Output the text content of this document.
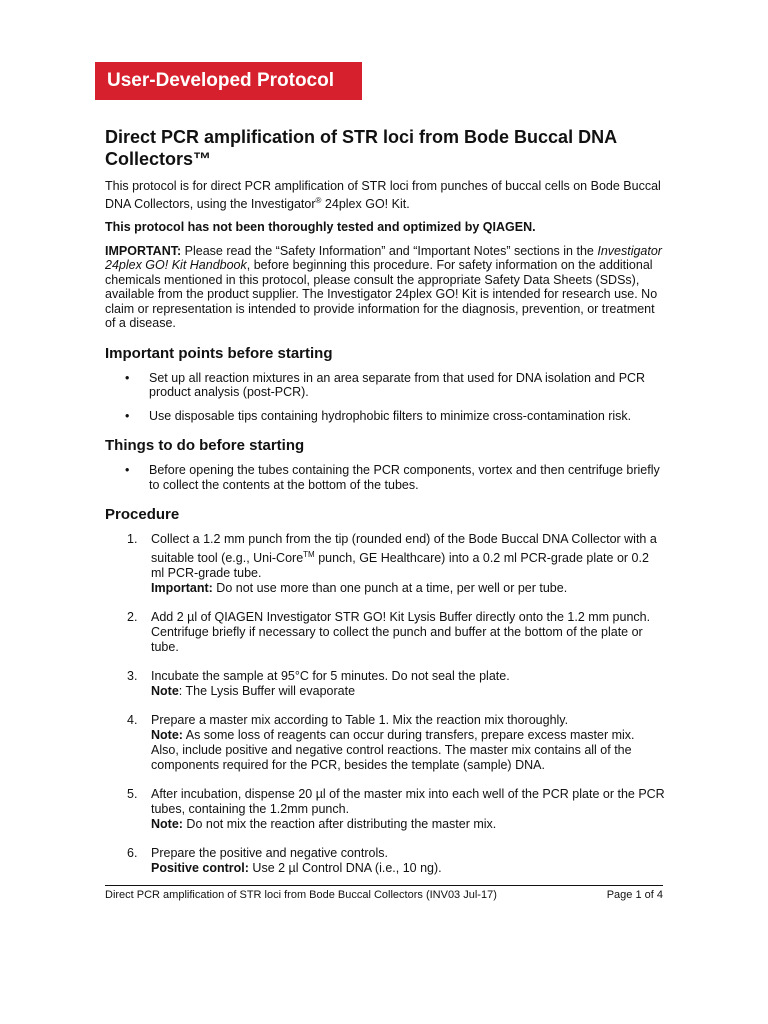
User-Developed Protocol
Direct PCR amplification of STR loci from Bode Buccal DNA Collectors™

This protocol is for direct PCR amplification of STR loci from punches of buccal cells on Bode Buccal DNA Collectors, using the Investigator® 24plex GO! Kit.

This protocol has not been thoroughly tested and optimized by QIAGEN.

IMPORTANT: Please read the “Safety Information” and “Important Notes” sections in the Investigator 24plex GO! Kit Handbook, before beginning this procedure. For safety information on the additional chemicals mentioned in this protocol, please consult the appropriate Safety Data Sheets (SDSs), available from the product supplier. The Investigator 24plex GO! Kit is intended for research use. No claim or representation is intended to provide information for the diagnosis, prevention, or treatment of a disease.

Important points before starting
• Set up all reaction mixtures in an area separate from that used for DNA isolation and PCR product analysis (post-PCR).
• Use disposable tips containing hydrophobic filters to minimize cross-contamination risk.
Things to do before starting
• Before opening the tubes containing the PCR components, vortex and then centrifuge briefly to collect the contents at the bottom of the tubes.
Procedure
1. Collect a 1.2 mm punch from the tip (rounded end) of the Bode Buccal DNA Collector with a suitable tool (e.g., Uni-Core™ punch, GE Healthcare) into a 0.2 ml PCR-grade plate or 0.2 ml PCR-grade tube.
Important: Do not use more than one punch at a time, per well or per tube.
2. Add 2 µl of QIAGEN Investigator STR GO! Kit Lysis Buffer directly onto the 1.2 mm punch. Centrifuge briefly if necessary to collect the punch and buffer at the bottom of the plate or tube.
3. Incubate the sample at 95°C for 5 minutes. Do not seal the plate.
Note: The Lysis Buffer will evaporate
4. Prepare a master mix according to Table 1. Mix the reaction mix thoroughly.
Note: As some loss of reagents can occur during transfers, prepare excess master mix. Also, include positive and negative control reactions. The master mix contains all of the components required for the PCR, besides the template (sample) DNA.
5. After incubation, dispense 20 µl of the master mix into each well of the PCR plate or the PCR tubes, containing the 1.2mm punch.
Note: Do not mix the reaction after distributing the master mix.
6. Prepare the positive and negative controls.
Positive control: Use 2 µl Control DNA (i.e., 10 ng).
Direct PCR amplification of STR loci from Bode Buccal Collectors (INV03 Jul-17)	Page 1 of 4
